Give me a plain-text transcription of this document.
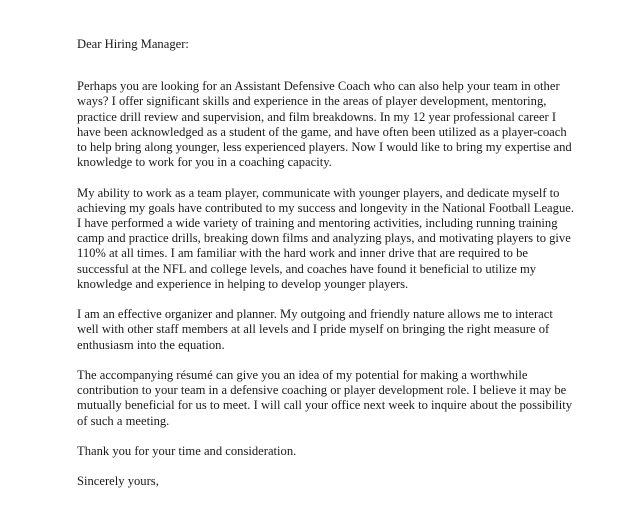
Dear Hiring Manager:

Perhaps you are looking for an Assistant Defensive Coach who can also help your team in other ways? I offer significant skills and experience in the areas of player development, mentoring, practice drill review and supervision, and film breakdowns. In my 12 year professional career I have been acknowledged as a student of the game, and have often been utilized as a player-coach to help bring along younger, less experienced players. Now I would like to bring my expertise and knowledge to work for you in a coaching capacity.

My ability to work as a team player, communicate with younger players, and dedicate myself to achieving my goals have contributed to my success and longevity in the National Football League. I have performed a wide variety of training and mentoring activities, including running training camp and practice drills, breaking down films and analyzing plays, and motivating players to give 110% at all times. I am familiar with the hard work and inner drive that are required to be successful at the NFL and college levels, and coaches have found it beneficial to utilize my knowledge and experience in helping to develop younger players.

I am an effective organizer and planner. My outgoing and friendly nature allows me to interact well with other staff members at all levels and I pride myself on bringing the right measure of enthusiasm into the equation.

The accompanying résumé can give you an idea of my potential for making a worthwhile contribution to your team in a defensive coaching or player development role. I believe it may be mutually beneficial for us to meet. I will call your office next week to inquire about the possibility of such a meeting.

Thank you for your time and consideration.

Sincerely yours,
